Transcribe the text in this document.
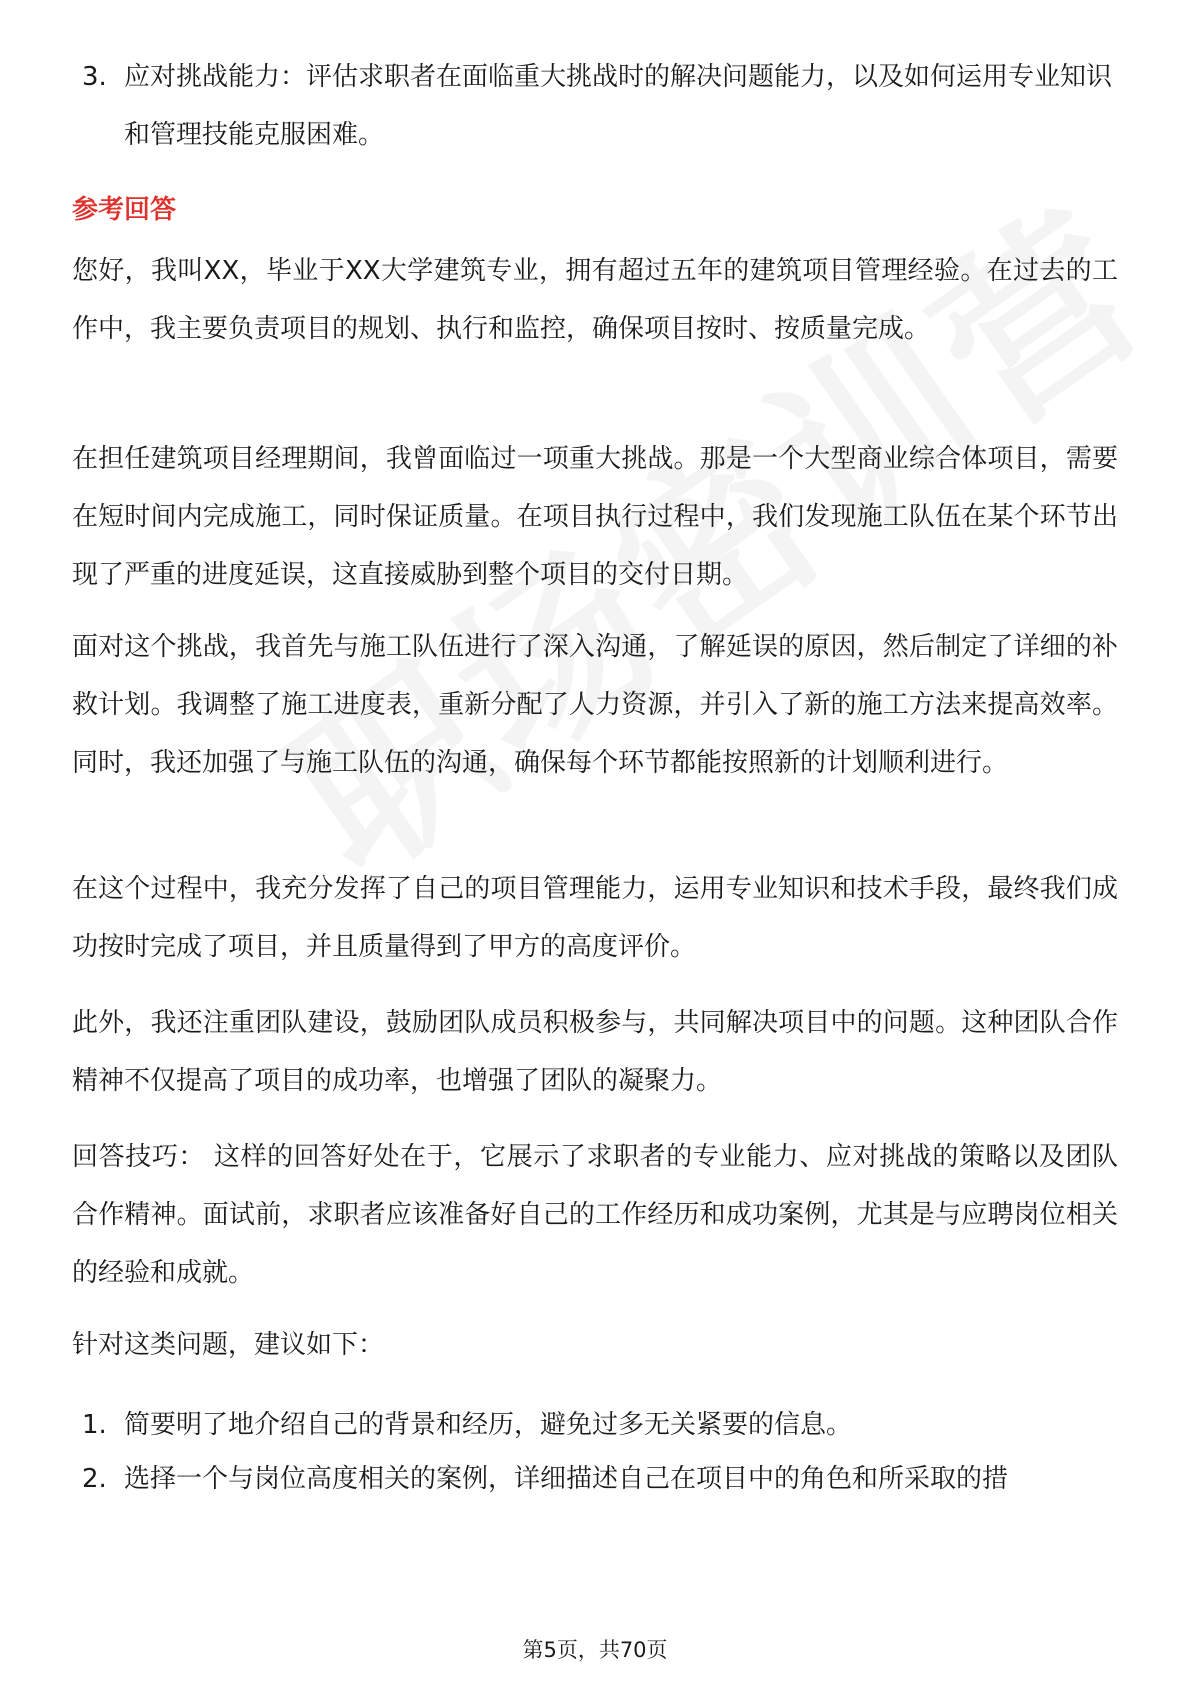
3. 应对挑战能力：评估求职者在面临重大挑战时的解决问题能力，以及如何运用专业知识和管理技能克服困难。
参考回答
您好，我叫XX，毕业于XX大学建筑专业，拥有超过五年的建筑项目管理经验。在过去的工作中，我主要负责项目的规划、执行和监控，确保项目按时、按质量完成。
在担任建筑项目经理期间，我曾面临过一项重大挑战。那是一个大型商业综合体项目，需要在短时间内完成施工，同时保证质量。在项目执行过程中，我们发现施工队伍在某个环节出现了严重的进度延误，这直接威胁到整个项目的交付日期。
面对这个挑战，我首先与施工队伍进行了深入沟通，了解延误的原因，然后制定了详细的补救计划。我调整了施工进度表，重新分配了人力资源，并引入了新的施工方法来提高效率。同时，我还加强了与施工队伍的沟通，确保每个环节都能按照新的计划顺利进行。
在这个过程中，我充分发挥了自己的项目管理能力，运用专业知识和技术手段，最终我们成功按时完成了项目，并且质量得到了甲方的高度评价。
此外，我还注重团队建设，鼓励团队成员积极参与，共同解决项目中的问题。这种团队合作精神不仅提高了项目的成功率，也增强了团队的凝聚力。
回答技巧： 这样的回答好处在于，它展示了求职者的专业能力、应对挑战的策略以及团队合作精神。面试前，求职者应该准备好自己的工作经历和成功案例，尤其是与应聘岗位相关的经验和成就。
针对这类问题，建议如下：
1. 简要明了地介绍自己的背景和经历，避免过多无关紧要的信息。
2. 选择一个与岗位高度相关的案例，详细描述自己在项目中的角色和所采取的措
第5页，共70页
